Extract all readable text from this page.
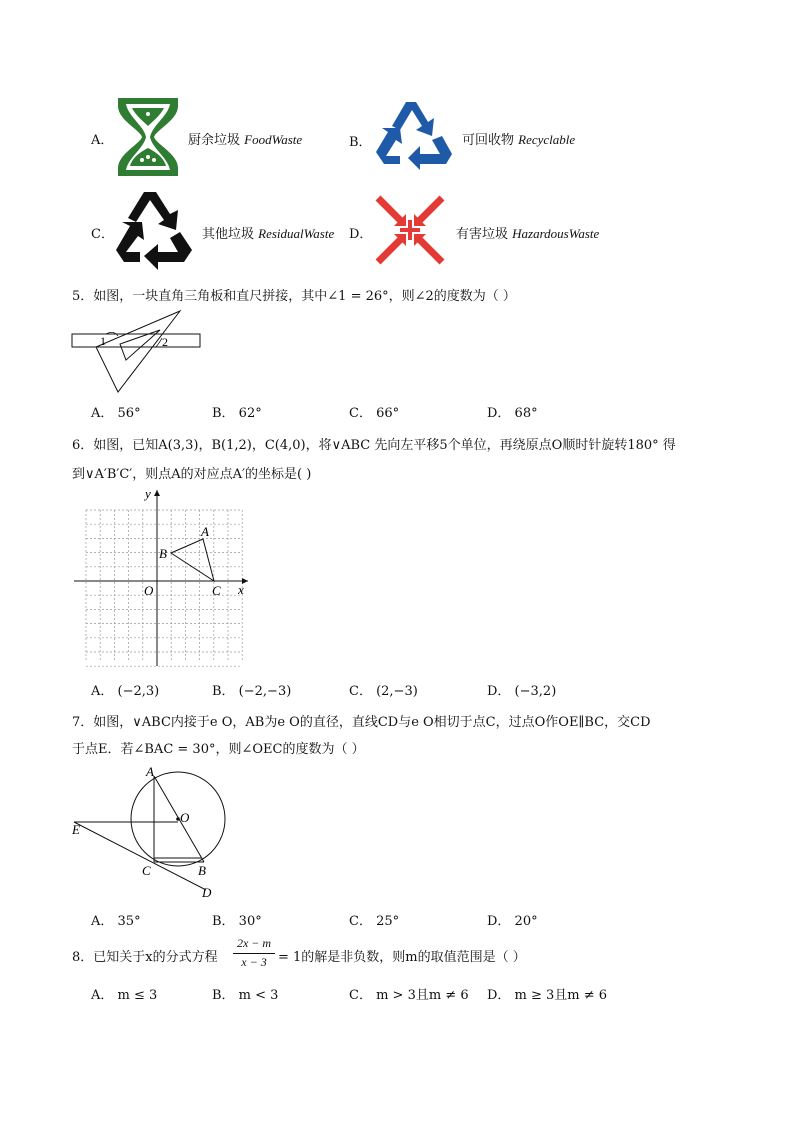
A．	厨余垃圾 FoodWaste	B．	可回收物 Recyclable
C．	其他垃圾 ResidualWaste D．	有害垃圾 HazardousWaste
5．如图，一块直角三角板和直尺拼接，其中∠1 = 26°，则∠2的度数为（ ）
1	2
A． 56°	B． 62°	C． 66°	D． 68°
6．如图，已知A(3,3)，B(1,2)，C(4,0)，将∨ABC 先向左平移5个单位，再绕原点O顺时针旋转180° 得
到∨A′B′C′，则点A的对应点A′的坐标是( )
x
y
O
A
B
C
A． (−2,3)	B． (−2,−3)	C． (2,−3)	D． (−3,2)
7．如图，∨ABC内接于e O，AB为e O的直径，直线CD与e O相切于点C，过点O作OE∥BC，交CD
于点E．若∠BAC = 30°，则∠OEC的度数为（ ）
A
O
E
C	B
D
A． 35°	B． 30°	C． 25°	D． 20°
8．已知关于x的分式方程
2x − m
x − 3 = 1的解是非负数，则m的取值范围是（ ）
A． m ≤ 3	B． m < 3	C． m > 3且m ≠ 6 D． m ≥ 3且m ≠ 6
